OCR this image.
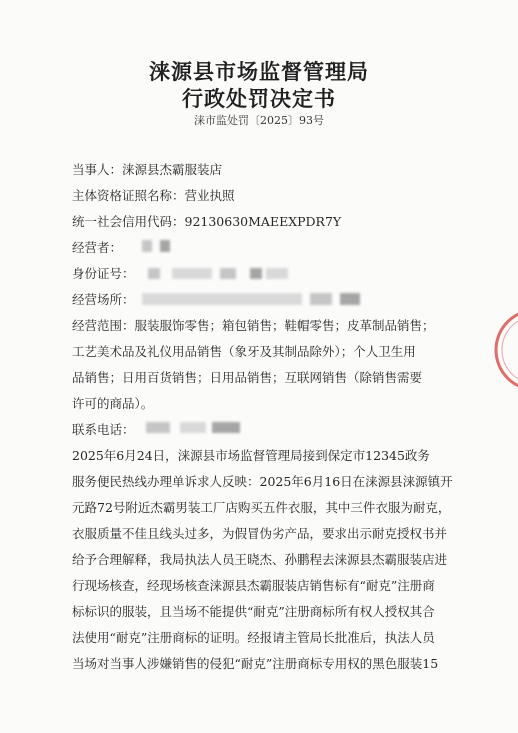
涞源县市场监督管理局
行政处罚决定书
涞市监处罚〔2025〕93号
当事人：涞源县杰霸服装店
主体资格证照名称：营业执照
统一社会信用代码：92130630MAEEXPDR7Y
经营者：
身份证号：
经营场所：
经营范围：服装服饰零售；箱包销售；鞋帽零售；皮革制品销售；
工艺美术品及礼仪用品销售（象牙及其制品除外）；个人卫生用
品销售；日用百货销售；日用品销售；互联网销售（除销售需要
许可的商品）。
联系电话：
2025年6月24日，涞源县市场监督管理局接到保定市12345政务
服务便民热线办理单诉求人反映：2025年6月16日在涞源县涞源镇开
元路72号附近杰霸男装工厂店购买五件衣服，其中三件衣服为耐克，
衣服质量不佳且线头过多，为假冒伪劣产品，要求出示耐克授权书并
给予合理解释，我局执法人员王晓杰、孙鹏程去涞源县杰霸服装店进
行现场核查，经现场核查涞源县杰霸服装店销售标有“耐克”注册商
标标识的服装，且当场不能提供“耐克”注册商标所有权人授权其合
法使用“耐克”注册商标的证明。经报请主管局长批准后，执法人员
当场对当事人涉嫌销售的侵犯“耐克”注册商标专用权的黑色服装15
